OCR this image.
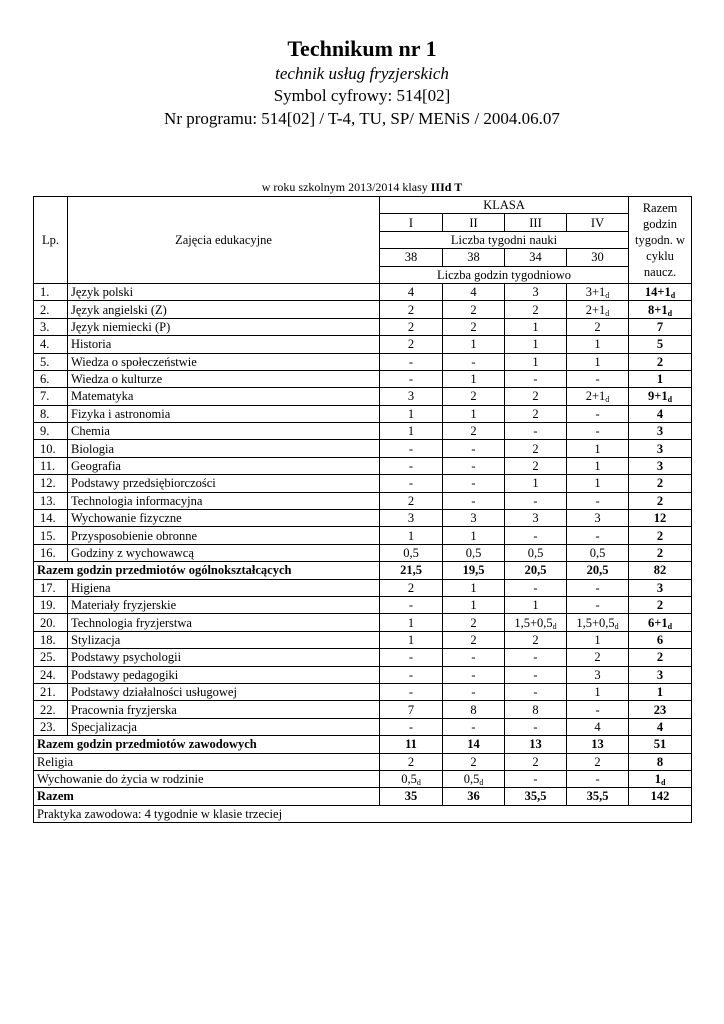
Technikum nr 1
technik usług fryzjerskich
Symbol cyfrowy: 514[02]
Nr programu: 514[02] / T-4, TU, SP/ MENiS / 2004.06.07
w roku szkolnym 2013/2014 klasy IIId T
Lp.	Zajęcia edukacyjne	KLASA				Razem godzin tygodn. w cyklu naucz.
		I	II	III	IV	
		Liczba tygodni nauki				
		38	38	34	30	
		Liczba godzin tygodniowo				
1.	Język polski	4	4	3	$3+1_d$	$14+1_d$
2.	Język angielski (Z)	2	2	2	$2+1_d$	$8+1_d$
3.	Język niemiecki (P)	2	2	1	2	7
4.	Historia	2	1	1	1	5
5.	Wiedza o społeczeństwie	-	-	1	1	2
6.	Wiedza o kulturze	-	1	-	-	1
7.	Matematyka	3	2	2	$2+1_d$	$9+1_d$
8.	Fizyka i astronomia	1	1	2	-	4
9.	Chemia	1	2	-	-	3
10.	Biologia	-	-	2	1	3
11.	Geografia	-	-	2	1	3
12.	Podstawy przedsiębiorczości	-	-	1	1	2
13.	Technologia informacyjna	2	-	-	-	2
14.	Wychowanie fizyczne	3	3	3	3	12
15.	Przysposobienie obronne	1	1	-	-	2
16.	Godziny z wychowawcą	0,5	0,5	0,5	0,5	2
Razem godzin przedmiotów ogólnokształcących		21,5	19,5	20,5	20,5	82
17.	Higiena	2	1	-	-	3
19.	Materiały fryzjerskie	-	1	1	-	2
20.	Technologia fryzjerstwa	1	2	$1,5+0,5_d$	$1,5+0,5_d$	$6+1_d$
18.	Stylizacja	1	2	2	1	6
25.	Podstawy psychologii	-	-	-	2	2
24.	Podstawy pedagogiki	-	-	-	3	3
21.	Podstawy działalności usługowej	-	-	-	1	1
22.	Pracownia fryzjerska	7	8	8	-	23
23.	Specjalizacja	-	-	-	4	4
Razem godzin przedmiotów zawodowych		11	14	13	13	51
Religia		2	2	2	2	8
Wychowanie do życia w rodzinie		$0,5_d$	$0,5_d$	-	-	$1_d$
Razem		35	36	35,5	35,5	142
Praktyka zawodowa: 4 tygodnie w klasie trzeciej						
